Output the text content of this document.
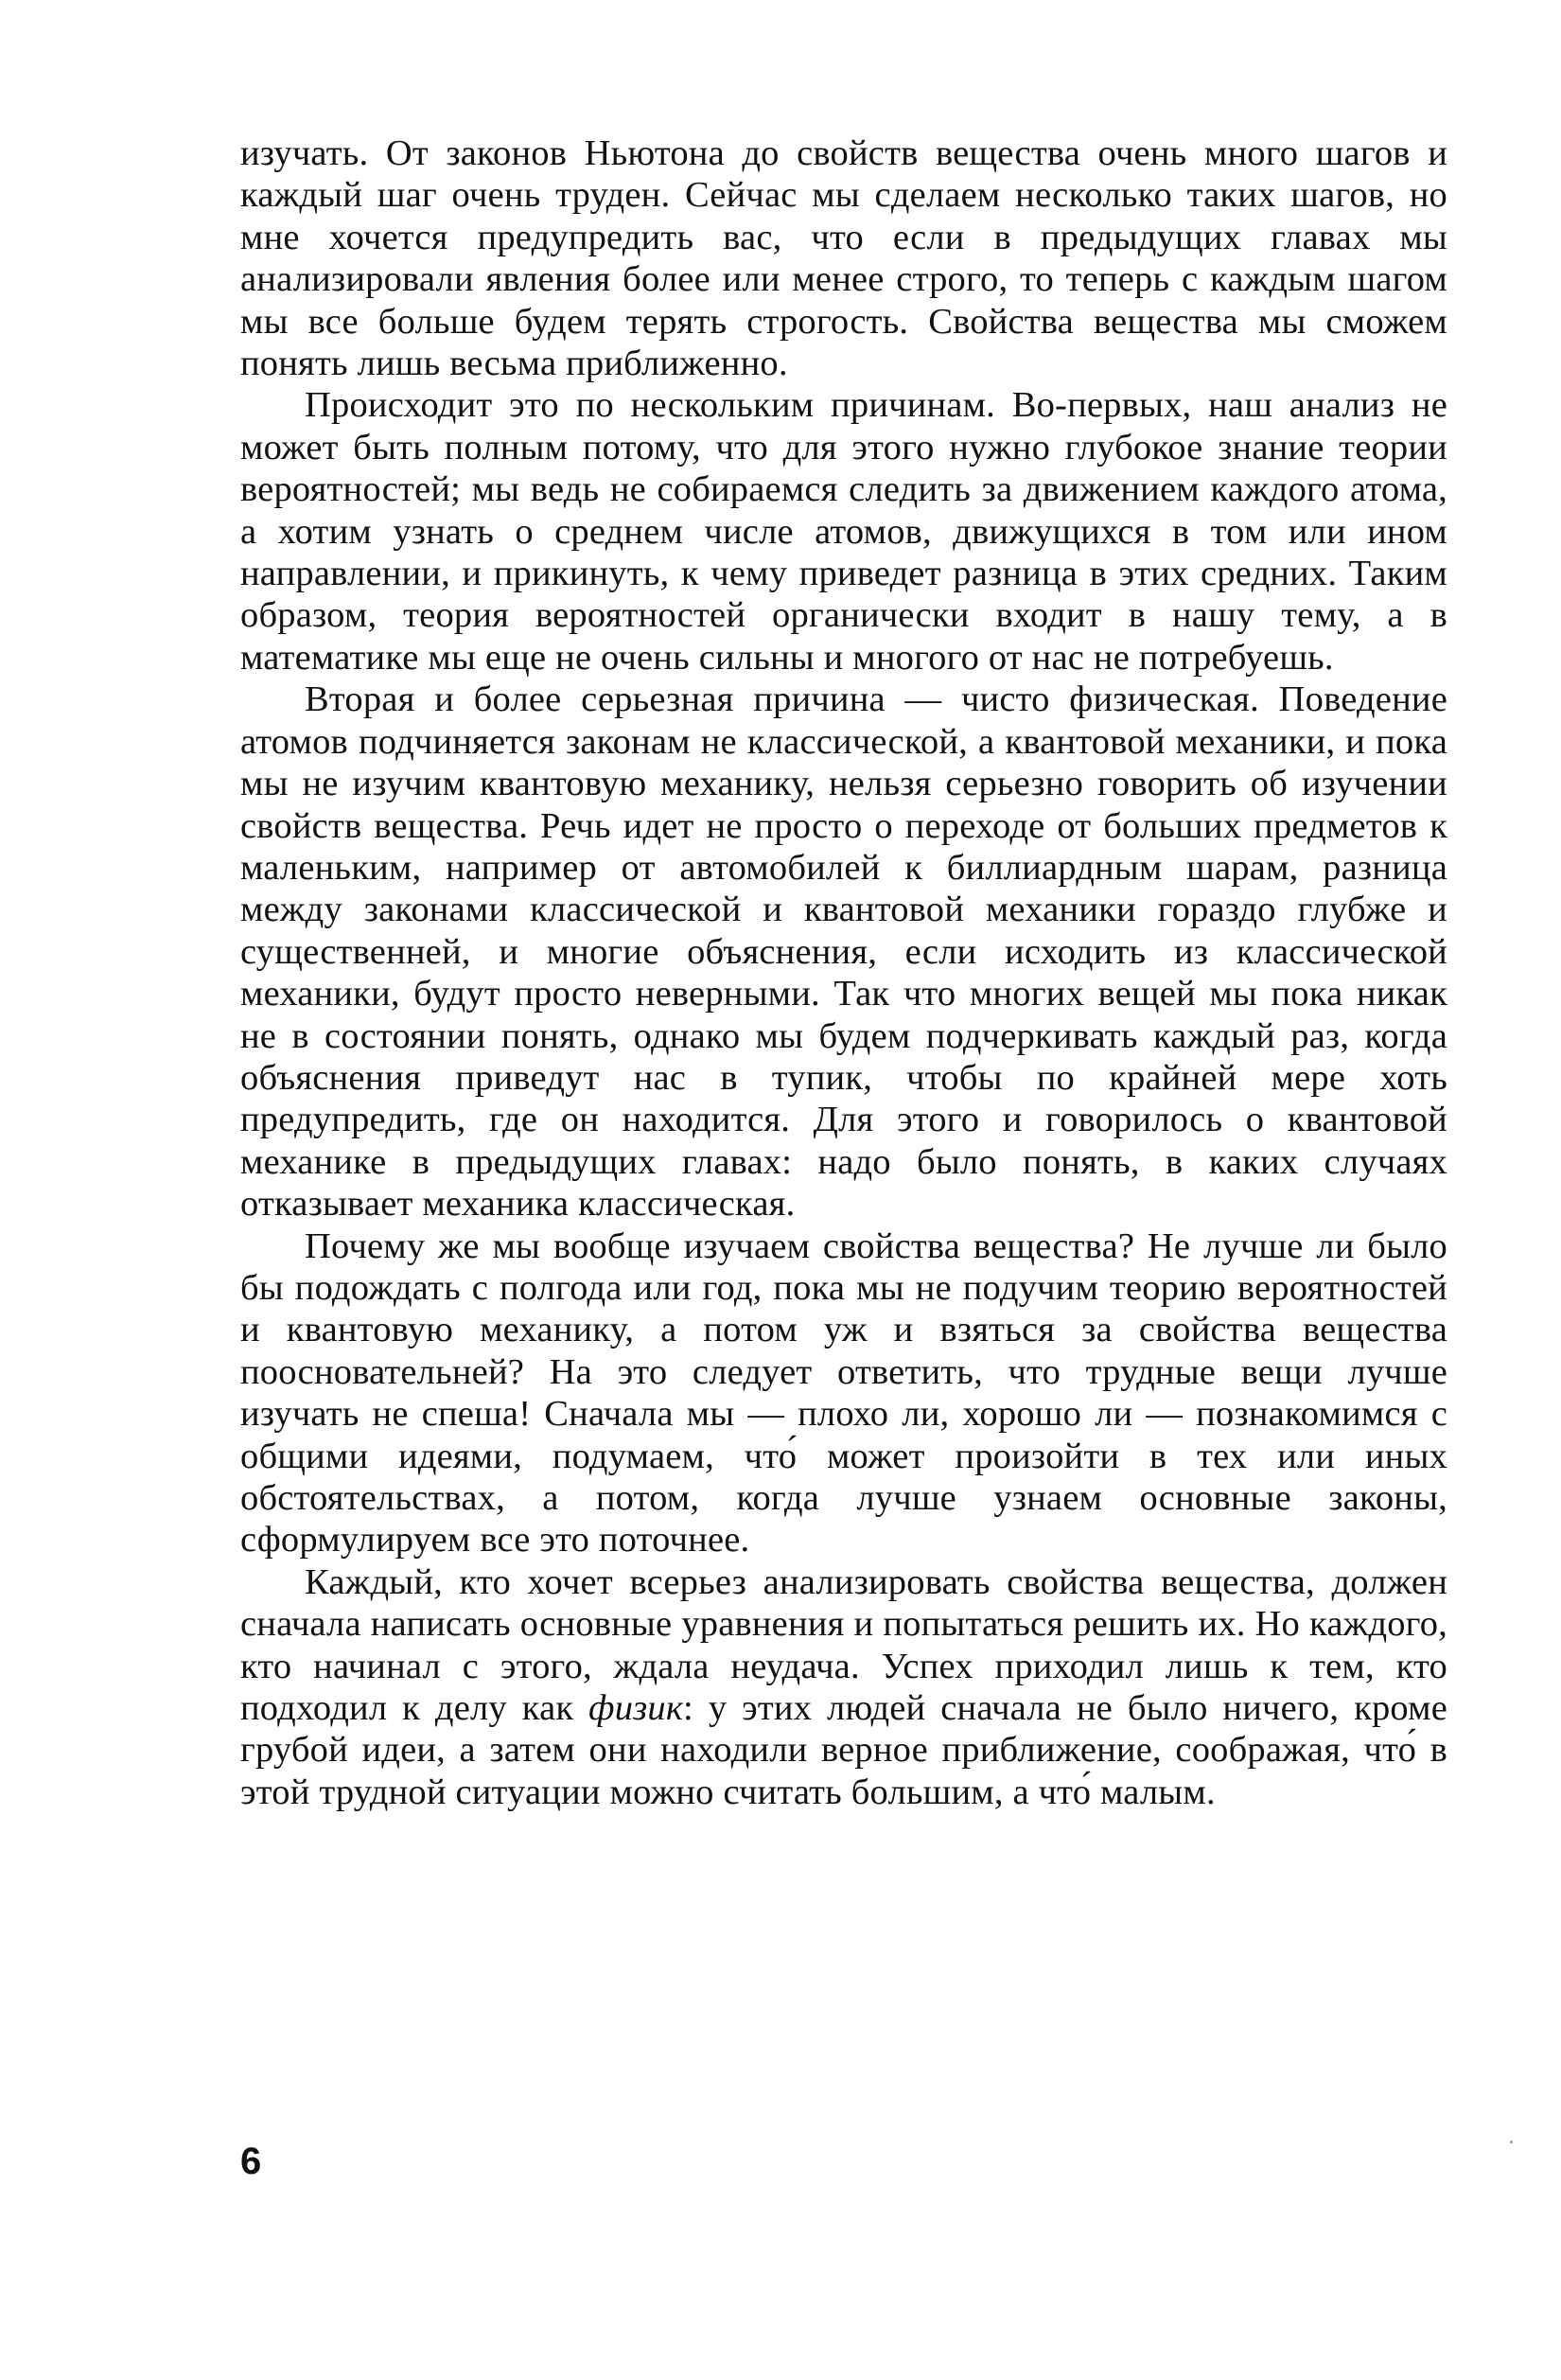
изучать. От законов Ньютона до свойств вещества очень много шагов и каждый шаг очень труден. Сейчас мы сделаем несколько таких шагов, но мне хочется предупредить вас, что если в предыдущих главах мы анализировали явления более или менее строго, то теперь с каждым шагом мы все больше будем терять строгость. Свойства вещества мы сможем понять лишь весьма приближенно.

Происходит это по нескольким причинам. Во-первых, наш анализ не может быть полным потому, что для этого нужно глубокое знание теории вероятностей; мы ведь не собираемся следить за движением каждого атома, а хотим узнать о среднем числе атомов, движущихся в том или ином направлении, и прикинуть, к чему приведет разница в этих средних. Таким образом, теория вероятностей органически входит в нашу тему, а в математике мы еще не очень сильны и многого от нас не потребуешь.

Вторая и более серьезная причина — чисто физическая. Поведение атомов подчиняется законам не классической, а квантовой механики, и пока мы не изучим квантовую механику, нельзя серьезно говорить об изучении свойств вещества. Речь идет не просто о переходе от больших предметов к маленьким, например от автомобилей к биллиардным шарам, разница между законами классической и квантовой механики гораздо глубже и существенней, и многие объяснения, если исходить из классической механики, будут просто неверными. Так что многих вещей мы пока никак не в состоянии понять, однако мы будем подчеркивать каждый раз, когда объяснения приведут нас в тупик, чтобы по крайней мере хоть предупредить, где он находится. Для этого и говорилось о квантовой механике в предыдущих главах: надо было понять, в каких случаях отказывает механика классическая.

Почему же мы вообще изучаем свойства вещества? Не лучше ли было бы подождать с полгода или год, пока мы не подучим теорию вероятностей и квантовую механику, а потом уж и взяться за свойства вещества поосновательней? На это следует ответить, что трудные вещи лучше изучать не спеша! Сначала мы — плохо ли, хорошо ли — познакомимся с общими идеями, подумаем, что́ может произойти в тех или иных обстоятельствах, а потом, когда лучше узнаем основные законы, сформулируем все это поточнее.

Каждый, кто хочет всерьез анализировать свойства вещества, должен сначала написать основные уравнения и попытаться решить их. Но каждого, кто начинал с этого, ждала неудача. Успех приходил лишь к тем, кто подходил к делу как физик: у этих людей сначала не было ничего, кроме грубой идеи, а затем они находили верное приближение, соображая, что́ в этой трудной ситуации можно считать большим, а что́ малым.

6
